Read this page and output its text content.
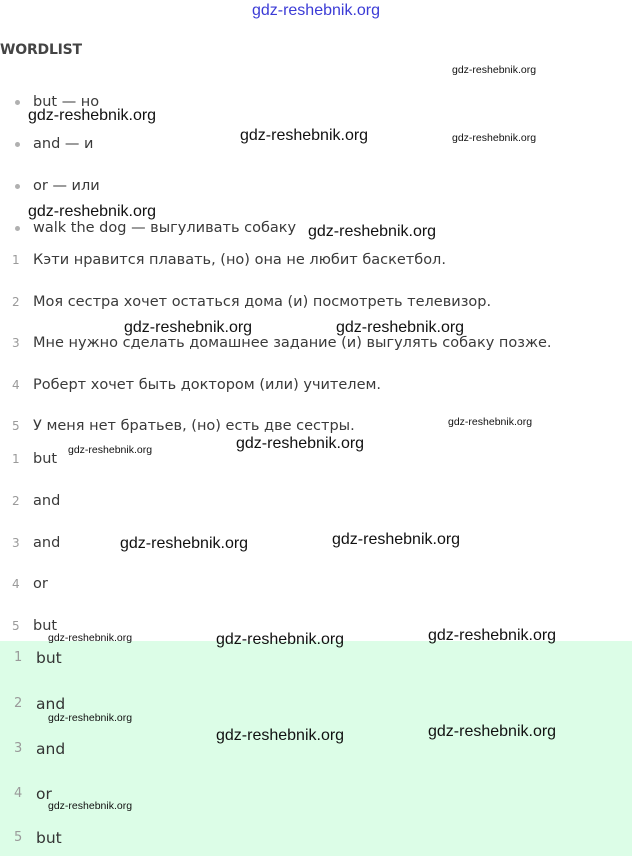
gdz-reshebnik.org
WORDLIST
but — но
and — и
or — или
walk the dog — выгуливать собаку
1 Кэти нравится плавать, (но) она не любит баскетбол.
2 Моя сестра хочет остаться дома (и) посмотреть телевизор.
3 Мне нужно сделать домашнее задание (и) выгулять собаку позже.
4 Роберт хочет быть доктором (или) учителем.
5 У меня нет братьев, (но) есть две сестры.
1 but
2 and
3 and
4 or
5 but
1 but
2 and
3 and
4 or
5 but
gdz-reshebnik.org
gdz-reshebnik.org
gdz-reshebnik.org	gdz-reshebnik.org
gdz-reshebnik.org
gdz-reshebnik.org
gdz-reshebnik.org	gdz-reshebnik.org
gdz-reshebnik.org
gdz-reshebnik.org
gdz-reshebnik.org
gdz-reshebnik.org
gdz-reshebnik.org
gdz-reshebnik.org
gdz-reshebnik.org	gdz-reshebnik.org
gdz-reshebnik.org
gdz-reshebnik.org
gdz-reshebnik.org
gdz-reshebnik.org
